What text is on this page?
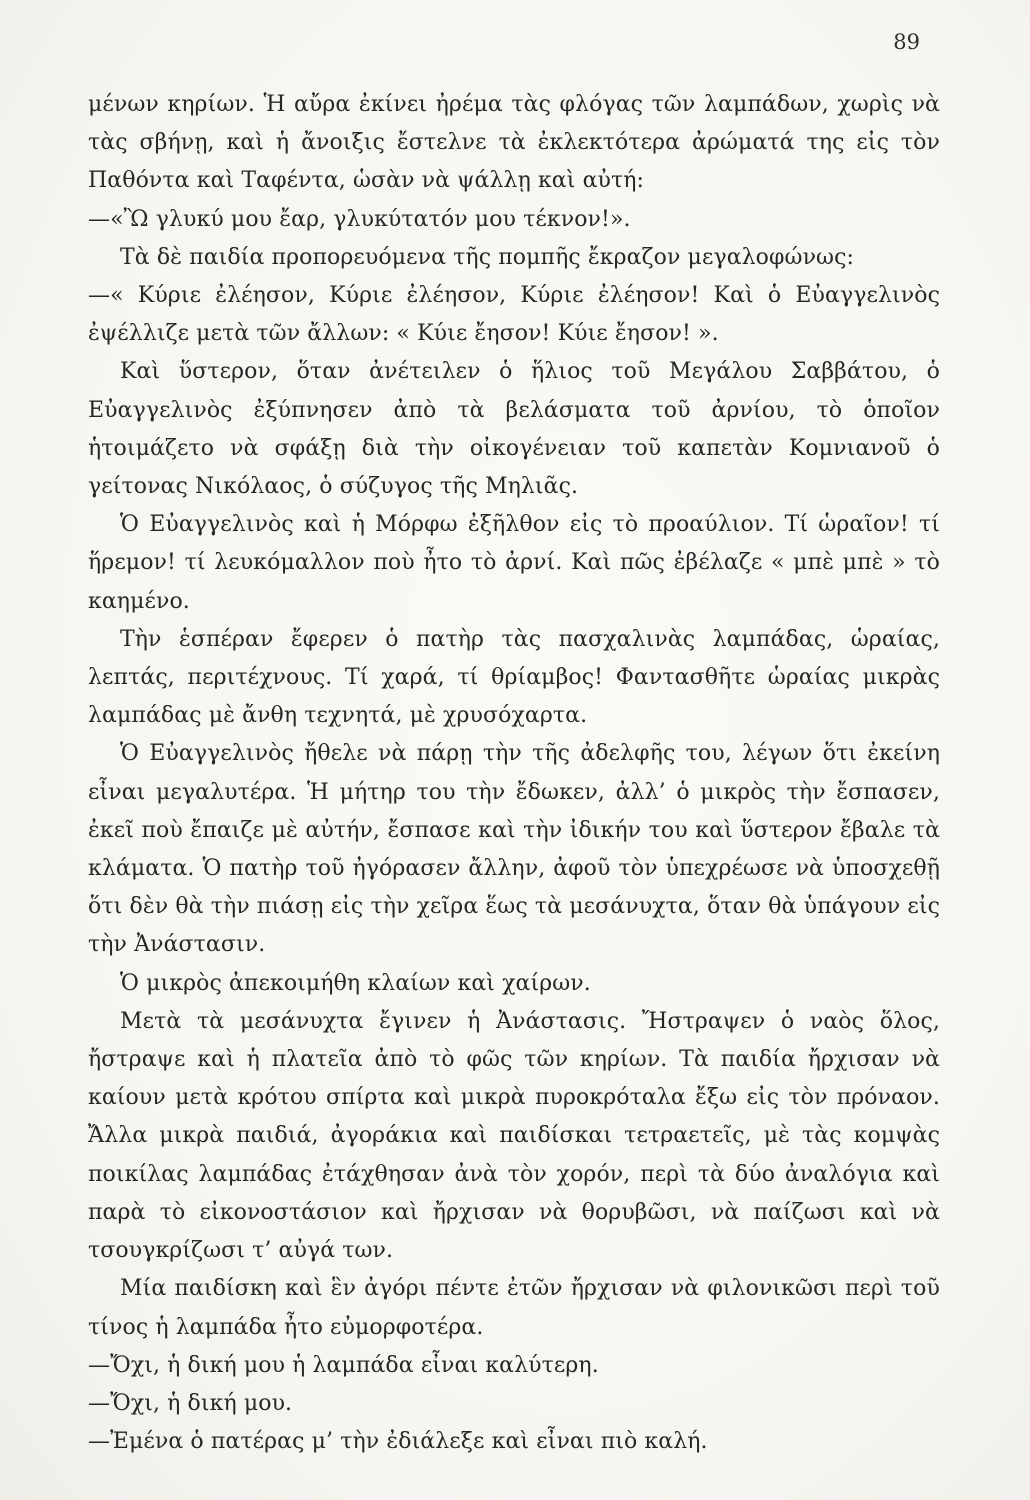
89

μένων κηρίων. Ἡ αὔρα ἐκίνει ἠρέμα τὰς φλόγας τῶν λαμπάδων, χωρὶς νὰ τὰς σβήνῃ, καὶ ἡ ἄνοιξις ἔστελνε τὰ ἐκλεκτότερα ἀρώματά της εἰς τὸν Παθόντα καὶ Ταφέντα, ὡσὰν νὰ ψάλλῃ καὶ αὐτή:

—«Ὢ γλυκύ μου ἔαρ, γλυκύτατόν μου τέκνον!».

Τὰ δὲ παιδία προπορευόμενα τῆς πομπῆς ἔκραζον μεγαλοφώνως:

—« Κύριε ἐλέησον, Κύριε ἐλέησον, Κύριε ἐλέησον! Καὶ ὁ Εὐαγγελινὸς ἐψέλλιζε μετὰ τῶν ἄλλων: « Κύιε ἔησον! Κύιε ἔησον! ».

Καὶ ὕστερον, ὅταν ἀνέτειλεν ὁ ἥλιος τοῦ Μεγάλου Σαββάτου, ὁ Εὐαγγελινὸς ἐξύπνησεν ἀπὸ τὰ βελάσματα τοῦ ἀρνίου, τὸ ὁποῖον ἡτοιμάζετο νὰ σφάξῃ διὰ τὴν οἰκογένειαν τοῦ καπετὰν Κομνιανοῦ ὁ γείτονας Νικόλαος, ὁ σύζυγος τῆς Μηλιᾶς.

Ὁ Εὐαγγελινὸς καὶ ἡ Μόρφω ἐξῆλθον εἰς τὸ προαύλιον. Τί ὡραῖον! τί ἥρεμον! τί λευκόμαλλον ποὺ ἦτο τὸ ἀρνί. Καὶ πῶς ἐβέλαζε « μπὲ μπὲ » τὸ καημένο.

Τὴν ἑσπέραν ἔφερεν ὁ πατὴρ τὰς πασχαλινὰς λαμπάδας, ὡραίας, λεπτάς, περιτέχνους. Τί χαρά, τί θρίαμβος! Φαντασθῆτε ὡραίας μικρὰς λαμπάδας μὲ ἄνθη τεχνητά, μὲ χρυσόχαρτα.

Ὁ Εὐαγγελινὸς ἤθελε νὰ πάρῃ τὴν τῆς ἀδελφῆς του, λέγων ὅτι ἐκείνη εἶναι μεγαλυτέρα. Ἡ μήτηρ του τὴν ἔδωκεν, ἀλλ’ ὁ μικρὸς τὴν ἔσπασεν, ἐκεῖ ποὺ ἔπαιζε μὲ αὐτήν, ἔσπασε καὶ τὴν ἰδικήν του καὶ ὕστερον ἔβαλε τὰ κλάματα. Ὁ πατὴρ τοῦ ἠγόρασεν ἄλλην, ἀφοῦ τὸν ὑπεχρέωσε νὰ ὑποσχεθῇ ὅτι δὲν θὰ τὴν πιάσῃ εἰς τὴν χεῖρα ἕως τὰ μεσάνυχτα, ὅταν θὰ ὑπάγουν εἰς τὴν Ἀνάστασιν.

Ὁ μικρὸς ἀπεκοιμήθη κλαίων καὶ χαίρων.

Μετὰ τὰ μεσάνυχτα ἔγινεν ἡ Ἀνάστασις. Ἤστραψεν ὁ ναὸς ὅλος, ἤστραψε καὶ ἡ πλατεῖα ἀπὸ τὸ φῶς τῶν κηρίων. Τὰ παιδία ἤρχισαν νὰ καίουν μετὰ κρότου σπίρτα καὶ μικρὰ πυροκρόταλα ἔξω εἰς τὸν πρόναον. Ἄλλα μικρὰ παιδιά, ἀγοράκια καὶ παιδίσκαι τετραετεῖς, μὲ τὰς κομψὰς ποικίλας λαμπάδας ἐτάχθησαν ἀνὰ τὸν χορόν, περὶ τὰ δύο ἀναλόγια καὶ παρὰ τὸ εἰκονοστάσιον καὶ ἤρχισαν νὰ θορυβῶσι, νὰ παίζωσι καὶ νὰ τσουγκρίζωσι τ’ αὐγά των.

Μία παιδίσκη καὶ ἓν ἀγόρι πέντε ἐτῶν ἤρχισαν νὰ φιλονικῶσι περὶ τοῦ τίνος ἡ λαμπάδα ἦτο εὐμορφοτέρα.

—Ὄχι, ἡ δική μου ἡ λαμπάδα εἶναι καλύτερη.

—Ὄχι, ἡ δική μου.

—Ἐμένα ὁ πατέρας μ’ τὴν ἐδιάλεξε καὶ εἶναι πιὸ καλή.
